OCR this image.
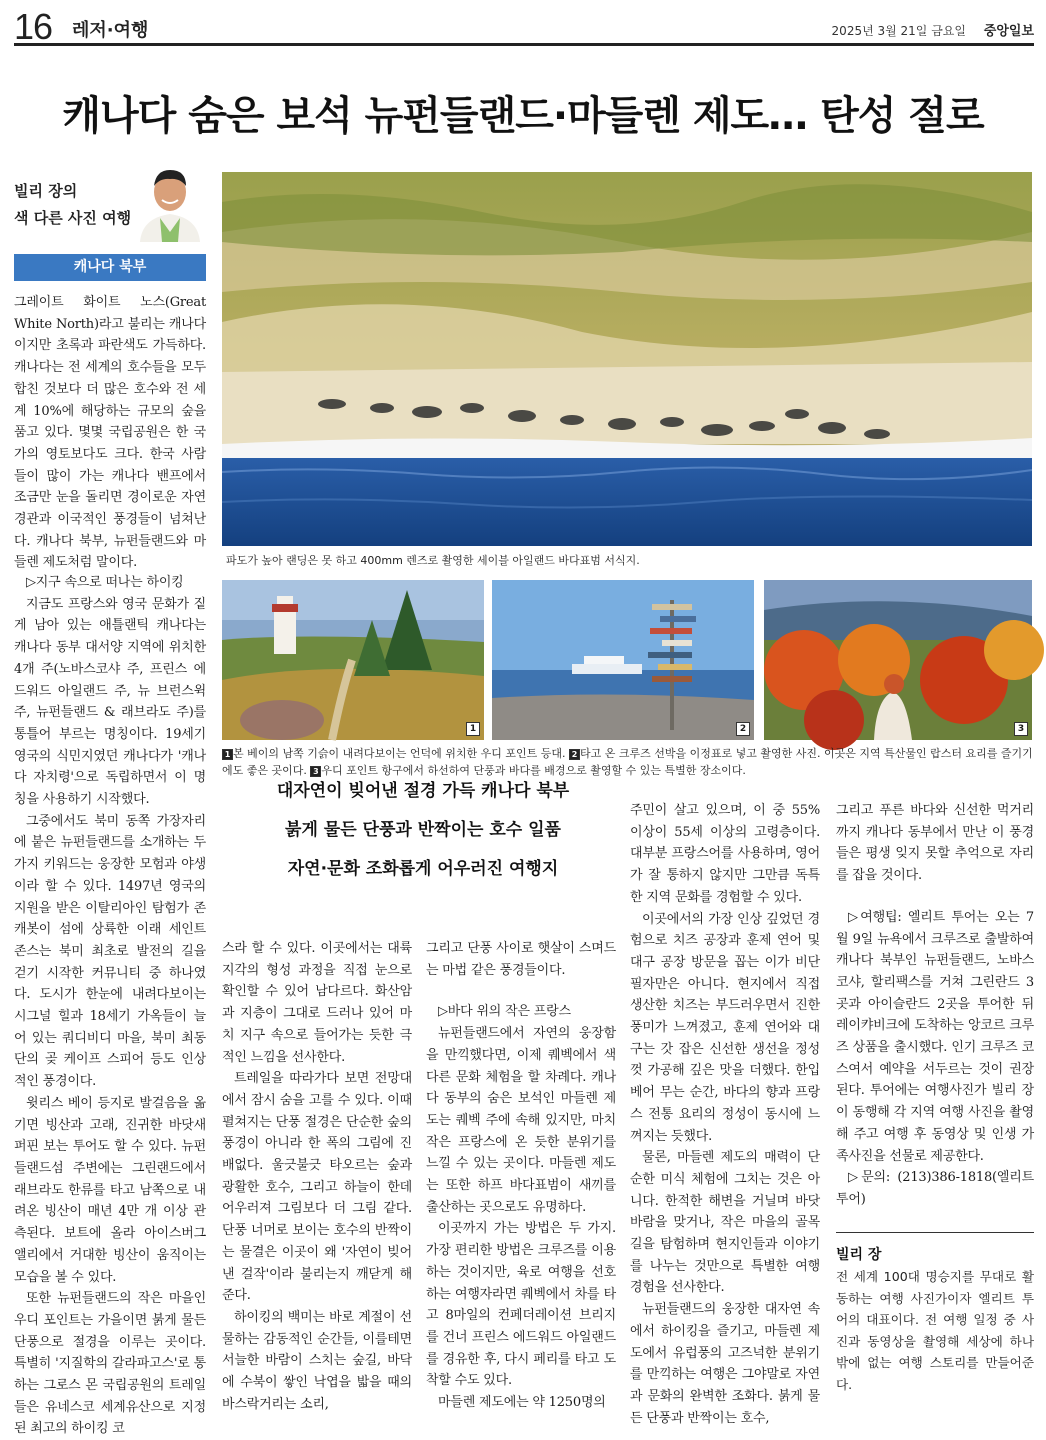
16 레저·여행	2025년 3월 21일 금요일 중앙일보
캐나다 숨은 보석 뉴펀들랜드·마들렌 제도… 탄성 절로
빌리 장의
색 다른 사진 여행
캐나다 북부
파도가 높아 랜딩은 못 하고 400mm 렌즈로 촬영한 세이블 아일랜드 바다표범 서식지.
1	2	3
1 본 베이의 남쪽 기슭이 내려다보이는 언덕에 위치한 우디 포인트 등대. 2 타고 온 크루즈 선박을 이정표로 넣고 촬영한 사진. 이곳은 지역 특산물인 랍스터 요리를 즐기기에도 좋은 곳이다. 3 우디 포인트 항구에서 하선하여 단풍과 바다를 배경으로 촬영할 수 있는 특별한 장소이다.
대자연이 빚어낸 절경 가득 캐나다 북부
붉게 물든 단풍과 반짝이는 호수 일품
자연·문화 조화롭게 어우러진 여행지

그레이트 화이트 노스(Great White North)라고 불리는 캐나다이지만 초록과 파란색도 가득하다. 캐나다는 전 세계의 호수들을 모두 합친 것보다 더 많은 호수와 전 세계 10%에 해당하는 규모의 숲을 품고 있다. 몇몇 국립공원은 한 국가의 영토보다도 크다. 한국 사람들이 많이 가는 캐나다 밴프에서 조금만 눈을 돌리면 경이로운 자연경관과 이국적인 풍경들이 넘쳐난다. 캐나다 북부, 뉴펀들랜드와 마들렌 제도처럼 말이다.

▷지구 속으로 떠나는 하이킹

지금도 프랑스와 영국 문화가 짙게 남아 있는 애틀랜틱 캐나다는 캐나다 동부 대서양 지역에 위치한 4개 주(노바스코샤 주, 프린스 에드워드 아일랜드 주, 뉴 브런스윅 주, 뉴펀들랜드 & 래브라도 주)를 통틀어 부르는 명칭이다. 19세기 영국의 식민지였던 캐나다가 '캐나다 자치령'으로 독립하면서 이 명칭을 사용하기 시작했다.

그중에서도 북미 동쪽 가장자리에 붙은 뉴펀들랜드를 소개하는 두 가지 키워드는 웅장한 모험과 야생이라 할 수 있다. 1497년 영국의 지원을 받은 이탈리아인 탐험가 존 캐봇이 섬에 상륙한 이래 세인트 존스는 북미 최초로 발전의 길을 걷기 시작한 커뮤니티 중 하나였다. 도시가 한눈에 내려다보이는 시그널 힐과 18세기 가옥들이 늘어 있는 쿼디비디 마을, 북미 최동단의 곶 케이프 스피어 등도 인상적인 풍경이다.

윗리스 베이 등지로 발걸음을 옮기면 빙산과 고래, 진귀한 바닷새 퍼핀 보는 투어도 할 수 있다. 뉴펀들랜드섬 주변에는 그린랜드에서 래브라도 한류를 타고 남쪽으로 내려온 빙산이 매년 4만 개 이상 관측된다. 보트에 올라 아이스버그 앨리에서 거대한 빙산이 움직이는 모습을 볼 수 있다.

또한 뉴펀들랜드의 작은 마을인 우디 포인트는 가을이면 붉게 물든 단풍으로 절경을 이루는 곳이다. 특별히 '지질학의 갈라파고스'로 통하는 그로스 몬 국립공원의 트레일들은 유네스코 세계유산으로 지정된 최고의 하이킹 코

스라 할 수 있다. 이곳에서는 대륙 지각의 형성 과정을 직접 눈으로 확인할 수 있어 남다르다. 화산암과 지층이 그대로 드러나 있어 마치 지구 속으로 들어가는 듯한 극적인 느낌을 선사한다.

트레일을 따라가다 보면 전망대에서 잠시 숨을 고를 수 있다. 이때 펼쳐지는 단풍 절경은 단순한 숲의 풍경이 아니라 한 폭의 그림에 진배없다. 울긋불긋 타오르는 숲과 광활한 호수, 그리고 하늘이 한데 어우러져 그림보다 더 그림 같다. 단풍 너머로 보이는 호수의 반짝이는 물결은 이곳이 왜 '자연이 빚어낸 걸작'이라 불리는지 깨닫게 해준다.

하이킹의 백미는 바로 계절이 선물하는 감동적인 순간들, 이를테면 서늘한 바람이 스치는 숲길, 바닥에 수북이 쌓인 낙엽을 밟을 때의 바스락거리는 소리,

그리고 단풍 사이로 햇살이 스며드는 마법 같은 풍경들이다.

▷바다 위의 작은 프랑스

뉴펀들랜드에서 자연의 웅장함을 만끽했다면, 이제 퀘벡에서 색다른 문화 체험을 할 차례다. 캐나다 동부의 숨은 보석인 마들렌 제도는 퀘벡 주에 속해 있지만, 마치 작은 프랑스에 온 듯한 분위기를 느낄 수 있는 곳이다. 마들렌 제도는 또한 하프 바다표범이 새끼를 출산하는 곳으로도 유명하다.

이곳까지 가는 방법은 두 가지. 가장 편리한 방법은 크루즈를 이용하는 것이지만, 육로 여행을 선호하는 여행자라면 퀘벡에서 차를 타고 8마일의 컨페더레이션 브리지를 건너 프린스 에드워드 아일랜드를 경유한 후, 다시 페리를 타고 도착할 수도 있다.

마들렌 제도에는 약 1250명의

주민이 살고 있으며, 이 중 55% 이상이 55세 이상의 고령층이다. 대부분 프랑스어를 사용하며, 영어가 잘 통하지 않지만 그만큼 독특한 지역 문화를 경험할 수 있다.

이곳에서의 가장 인상 깊었던 경험으로 치즈 공장과 훈제 연어 및 대구 공장 방문을 꼽는 이가 비단 필자만은 아니다. 현지에서 직접 생산한 치즈는 부드러우면서 진한 풍미가 느껴졌고, 훈제 연어와 대구는 갓 잡은 신선한 생선을 정성껏 가공해 깊은 맛을 더했다. 한입 베어 무는 순간, 바다의 향과 프랑스 전통 요리의 정성이 동시에 느껴지는 듯했다.

물론, 마들렌 제도의 매력이 단순한 미식 체험에 그치는 것은 아니다. 한적한 해변을 거닐며 바닷바람을 맞거나, 작은 마을의 골목길을 탐험하며 현지인들과 이야기를 나누는 것만으로 특별한 여행 경험을 선사한다.

뉴펀들랜드의 웅장한 대자연 속에서 하이킹을 즐기고, 마들렌 제도에서 유럽풍의 고즈넉한 분위기를 만끽하는 여행은 그야말로 자연과 문화의 완벽한 조화다. 붉게 물든 단풍과 반짝이는 호수,

그리고 푸른 바다와 신선한 먹거리까지 캐나다 동부에서 만난 이 풍경들은 평생 잊지 못할 추억으로 자리를 잡을 것이다.

▷여행팁: 엘리트 투어는 오는 7월 9일 뉴욕에서 크루즈로 출발하여 캐나다 북부인 뉴펀들랜드, 노바스코샤, 할리팩스를 거쳐 그린란드 3곳과 아이슬란드 2곳을 투어한 뒤 레이캬비크에 도착하는 앙코르 크루즈 상품을 출시했다. 인기 크루즈 코스여서 예약을 서두르는 것이 권장된다. 투어에는 여행사진가 빌리 장이 동행해 각 지역 여행 사진을 촬영해 주고 여행 후 동영상 및 인생 가족사진을 선물로 제공한다.

▷문의: (213)386-1818(엘리트 투어)

빌리 장
전 세계 100대 명승지를 무대로 활동하는 여행 사진가이자 엘리트 투어의 대표이다. 전 여행 일정 중 사진과 동영상을 촬영해 세상에 하나밖에 없는 여행 스토리를 만들어준다.
